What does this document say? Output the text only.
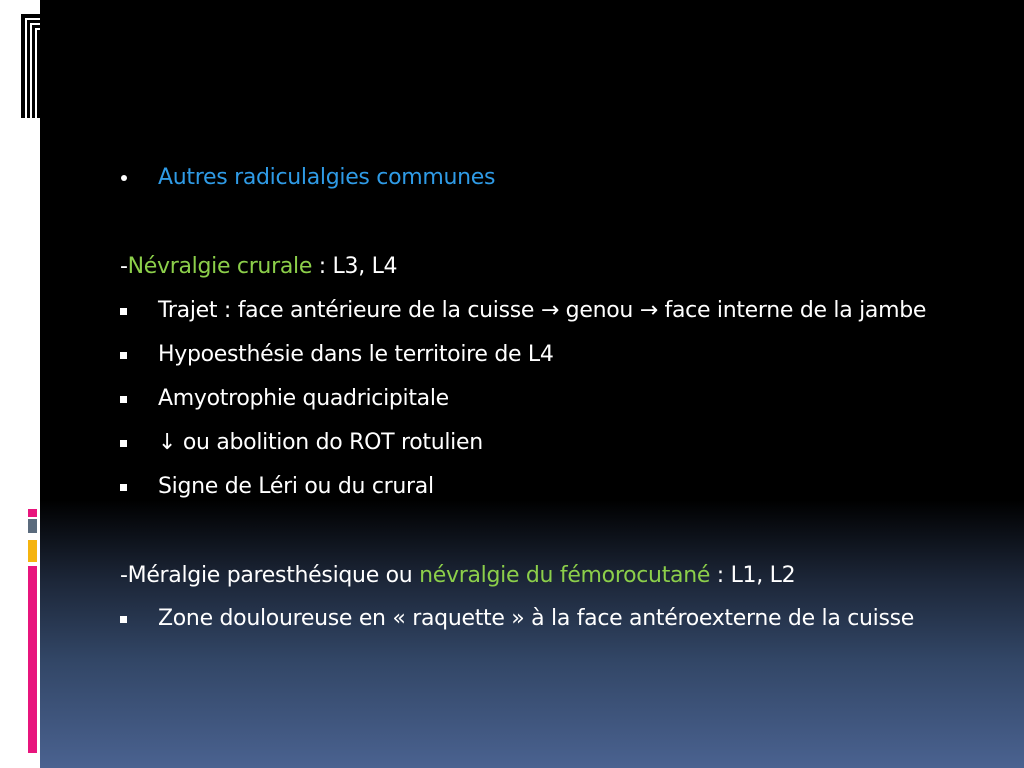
Autres radiculalgies communes
-Névralgie crurale : L3, L4
Trajet : face antérieure de la cuisse → genou → face interne de la jambe
Hypoesthésie dans le territoire de L4
Amyotrophie quadricipitale
↓ ou abolition do ROT rotulien
Signe de Léri ou du crural
-Méralgie paresthésique ou névralgie du fémorocutané : L1, L2
Zone douloureuse en « raquette » à la face antéroexterne de la cuisse
